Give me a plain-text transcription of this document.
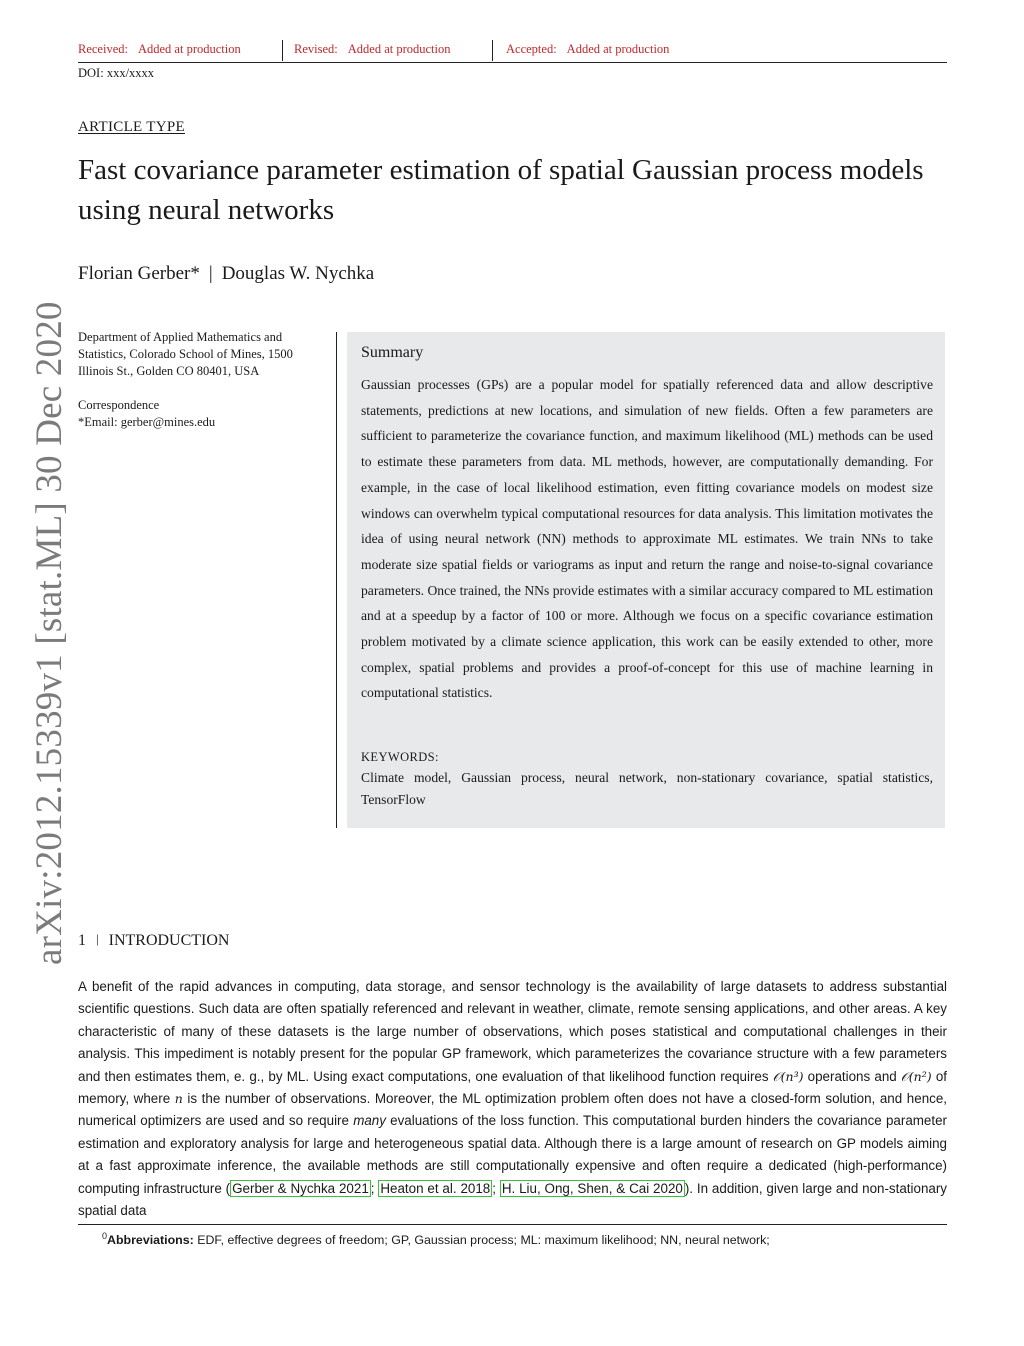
Received: Added at production	Revised: Added at production	Accepted: Added at production
DOI: xxx/xxxx
ARTICLE TYPE
Fast covariance parameter estimation of spatial Gaussian process models using neural networks
Florian Gerber* | Douglas W. Nychka

Department of Applied Mathematics and Statistics, Colorado School of Mines, 1500 Illinois St., Golden CO 80401, USA

Correspondence

*Email: gerber@mines.edu

Summary
Gaussian processes (GPs) are a popular model for spatially referenced data and allow descriptive statements, predictions at new locations, and simulation of new fields. Often a few parameters are sufficient to parameterize the covariance function, and maximum likelihood (ML) methods can be used to estimate these parameters from data. ML methods, however, are computationally demanding. For example, in the case of local likelihood estimation, even fitting covariance models on modest size windows can overwhelm typical computational resources for data analysis. This limitation motivates the idea of using neural network (NN) methods to approximate ML estimates. We train NNs to take moderate size spatial fields or variograms as input and return the range and noise-to-signal covariance parameters. Once trained, the NNs provide estimates with a similar accuracy compared to ML estimation and at a speedup by a factor of 100 or more. Although we focus on a specific covariance estimation problem motivated by a climate science application, this work can be easily extended to other, more complex, spatial problems and provides a proof-of-concept for this use of machine learning in computational statistics.
KEYWORDS:
Climate model, Gaussian process, neural network, non-stationary covariance, spatial statistics, TensorFlow
arXiv:2012.15339v1 [stat.ML] 30 Dec 2020 1 | INTRODUCTION

A benefit of the rapid advances in computing, data storage, and sensor technology is the availability of large datasets to address substantial scientific questions. Such data are often spatially referenced and relevant in weather, climate, remote sensing applications, and other areas. A key characteristic of many of these datasets is the large number of observations, which poses statistical and computational challenges in their analysis. This impediment is notably present for the popular GP framework, which parameterizes the covariance structure with a few parameters and then estimates them, e. g., by ML. Using exact computations, one evaluation of that likelihood function requires 𝒪(n³) operations and 𝒪(n²) of memory, where n is the number of observations. Moreover, the ML optimization problem often does not have a closed-form solution, and hence, numerical optimizers are used and so require many evaluations of the loss function. This computational burden hinders the covariance parameter estimation and exploratory analysis for large and heterogeneous spatial data. Although there is a large amount of research on GP models aiming at a fast approximate inference, the available methods are still computationally expensive and often require a dedicated (high-performance) computing infrastructure ( Gerber & Nychka 2021 ; Heaton et al. 2018 ; H. Liu, Ong, Shen, & Cai 2020 ). In addition, given large and non-stationary spatial data

$^0$Abbreviations: EDF, effective degrees of freedom; GP, Gaussian process; ML: maximum likelihood; NN, neural network;
